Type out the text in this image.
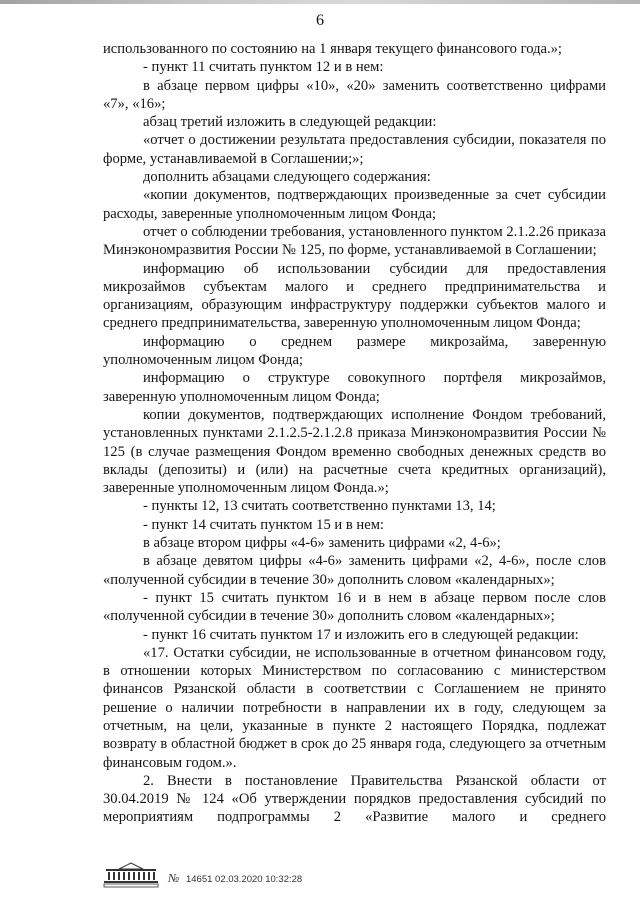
6

использованного по состоянию на 1 января текущего финансового года.»;

- пункт 11 считать пунктом 12 и в нем:

в абзаце первом цифры «10», «20» заменить соответственно цифрами «7», «16»;

абзац третий изложить в следующей редакции:

«отчет о достижении результата предоставления субсидии, показателя по форме, устанавливаемой в Соглашении;»;

дополнить абзацами следующего содержания:

«копии документов, подтверждающих произведенные за счет субсидии расходы, заверенные уполномоченным лицом Фонда;

отчет о соблюдении требования, установленного пунктом 2.1.2.26 приказа Минэкономразвития России № 125, по форме, устанавливаемой в Соглашении;

информацию об использовании субсидии для предоставления микрозаймов субъектам малого и среднего предпринимательства и организациям, образующим инфраструктуру поддержки субъектов малого и среднего предпринимательства, заверенную уполномоченным лицом Фонда;

информацию о среднем размере микрозайма, заверенную уполномоченным лицом Фонда;

информацию о структуре совокупного портфеля микрозаймов, заверенную уполномоченным лицом Фонда;

копии документов, подтверждающих исполнение Фондом требований, установленных пунктами 2.1.2.5-2.1.2.8 приказа Минэкономразвития России № 125 (в случае размещения Фондом временно свободных денежных средств во вклады (депозиты) и (или) на расчетные счета кредитных организаций), заверенные уполномоченным лицом Фонда.»;

- пункты 12, 13 считать соответственно пунктами 13, 14;

- пункт 14 считать пунктом 15 и в нем:

в абзаце втором цифры «4-6» заменить цифрами «2, 4-6»;

в абзаце девятом цифры «4-6» заменить цифрами «2, 4-6», после слов «полученной субсидии в течение 30» дополнить словом «календарных»;

- пункт 15 считать пунктом 16 и в нем в абзаце первом после слов «полученной субсидии в течение 30» дополнить словом «календарных»;

- пункт 16 считать пунктом 17 и изложить его в следующей редакции:

«17. Остатки субсидии, не использованные в отчетном финансовом году, в отношении которых Министерством по согласованию с министерством финансов Рязанской области в соответствии с Соглашением не принято решение о наличии потребности в направлении их в году, следующем за отчетным, на цели, указанные в пункте 2 настоящего Порядка, подлежат возврату в областной бюджет в срок до 25 января года, следующего за отчетным финансовым годом.».

2. Внести в постановление Правительства Рязанской области от 30.04.2019 № 124 «Об утверждении порядков предоставления субсидий по мероприятиям подпрограммы 2 «Развитие малого и среднего

№ 14651 02.03.2020 10:32:28
